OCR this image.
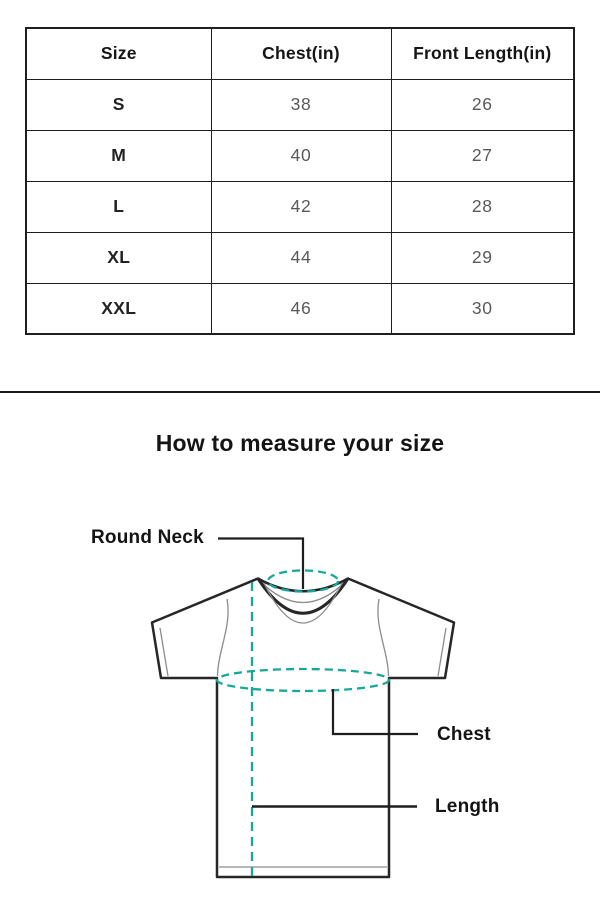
Size	Chest(in)	Front Length(in)
S	38	26
M	40	27
L	42	28
XL	44	29
XXL	46	30
How to measure your size
Round Neck
Chest
Length
